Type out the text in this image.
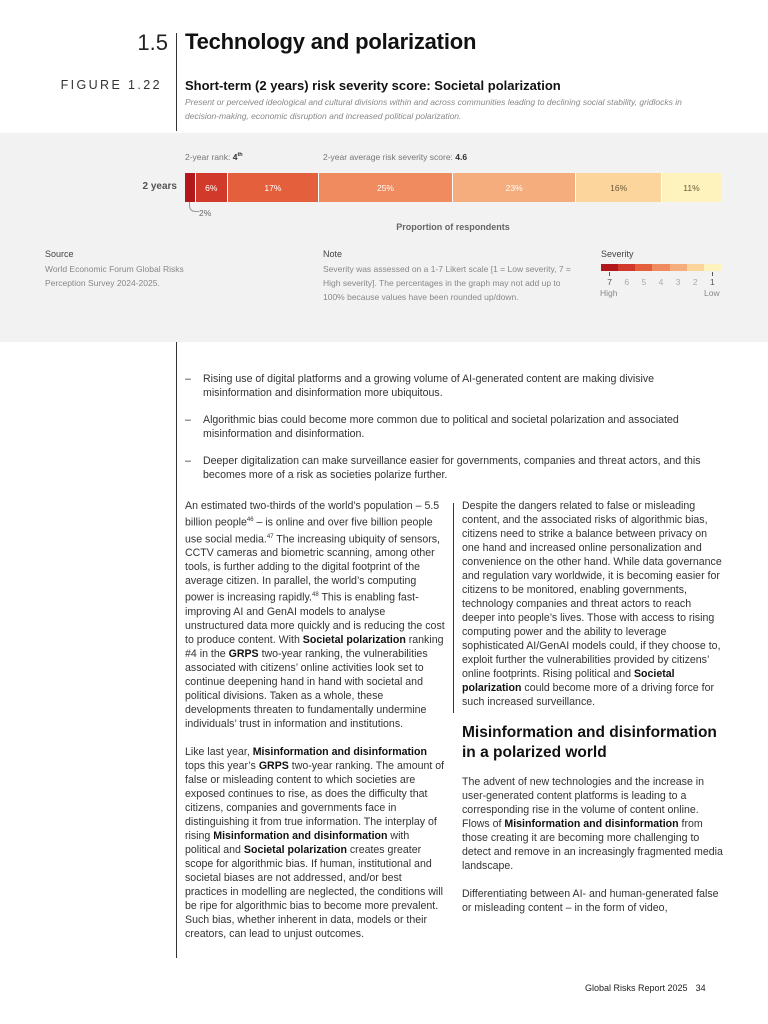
1.5 Technology and polarization
FIGURE 1.22 Short-term (2 years) risk severity score: Societal polarization
Present or perceived ideological and cultural divisions within and across communities leading to declining social stability, gridlocks in decision-making, economic disruption and increased political polarization.
2-year rank: 4th	2-year average risk severity score: 4.6
2 years	6%	17%	25%	23%	16%	11%
2%
Proportion of respondents
Source
World Economic Forum Global Risks Perception Survey 2024-2025.
Note
Severity was assessed on a 1-7 Likert scale [1 = Low severity, 7 = High severity]. The percentages in the graph may not add up to 100% because values have been rounded up/down.
Severity
7	6	5	4	3	2	1
High	Low
–	Rising use of digital platforms and a growing volume of AI-generated content are making divisive misinformation and disinformation more ubiquitous.
–	Algorithmic bias could become more common due to political and societal polarization and associated misinformation and disinformation.
–	Deeper digitalization can make surveillance easier for governments, companies and threat actors, and this becomes more of a risk as societies polarize further.

An estimated two-thirds of the world’s population – 5.5 billion people$^{46}$ – is online and over five billion people use social media.$^{47}$ The increasing ubiquity of sensors, CCTV cameras and biometric scanning, among other tools, is further adding to the digital footprint of the average citizen. In parallel, the world’s computing power is increasing rapidly.$^{48}$ This is enabling fast-improving AI and GenAI models to analyse unstructured data more quickly and is reducing the cost to produce content. With Societal polarization ranking #4 in the GRPS two-year ranking, the vulnerabilities associated with citizens’ online activities look set to continue deepening hand in hand with societal and political divisions. Taken as a whole, these developments threaten to fundamentally undermine individuals’ trust in information and institutions.

Like last year, Misinformation and disinformation tops this year’s GRPS two-year ranking. The amount of false or misleading content to which societies are exposed continues to rise, as does the difficulty that citizens, companies and governments face in distinguishing it from true information. The interplay of rising Misinformation and disinformation with political and Societal polarization creates greater scope for algorithmic bias. If human, institutional and societal biases are not addressed, and/or best practices in modelling are neglected, the conditions will be ripe for algorithmic bias to become more prevalent. Such bias, whether inherent in data, models or their creators, can lead to unjust outcomes.

Despite the dangers related to false or misleading content, and the associated risks of algorithmic bias, citizens need to strike a balance between privacy on one hand and increased online personalization and convenience on the other hand. While data governance and regulation vary worldwide, it is becoming easier for citizens to be monitored, enabling governments, technology companies and threat actors to reach deeper into people’s lives. Those with access to rising computing power and the ability to leverage sophisticated AI/GenAI models could, if they choose to, exploit further the vulnerabilities provided by citizens’ online footprints. Rising political and Societal polarization could become more of a driving force for such increased surveillance.

Misinformation and disinformation in a polarized world

The advent of new technologies and the increase in user-generated content platforms is leading to a corresponding rise in the volume of content online. Flows of Misinformation and disinformation from those creating it are becoming more challenging to detect and remove in an increasingly fragmented media landscape.

Differentiating between AI- and human-generated false or misleading content – in the form of video,

Global Risks Report 2025 34
